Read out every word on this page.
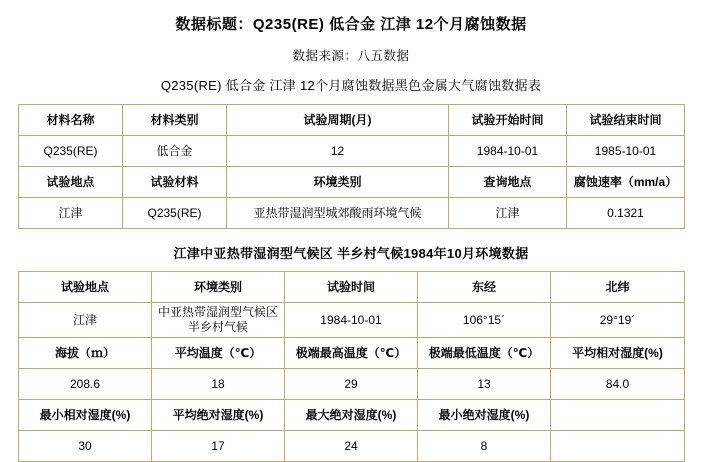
数据标题：Q235(RE) 低合金 江津 12个月腐蚀数据
数据来源：八五数据
Q235(RE) 低合金 江津 12个月腐蚀数据黑色金属大气腐蚀数据表
材料名称	材料类别	试验周期(月)	试验开始时间	试验结束时间
Q235(RE)	低合金	12	1984-10-01	1985-10-01
试验地点	试验材料	环境类别	查询地点	腐蚀速率（mm/a）
江津	Q235(RE)	亚热带湿润型城郊酸雨环境气候	江津	0.1321
江津中亚热带湿润型气候区 半乡村气候1984年10月环境数据
试验地点	环境类别	试验时间	东经	北纬
江津	中亚热带湿润型气候区 半乡村气候	1984-10-01	106°15´	29°19´
海拔（ｍ）	平均温度（℃）	极端最高温度（℃）	极端最低温度（℃）	平均相对湿度(%)
208.6	18	29	13	84.0
最小相对湿度(%)	平均绝对湿度(%)	最大绝对湿度(%)	最小绝对湿度(%)	
30	17	24	8	
